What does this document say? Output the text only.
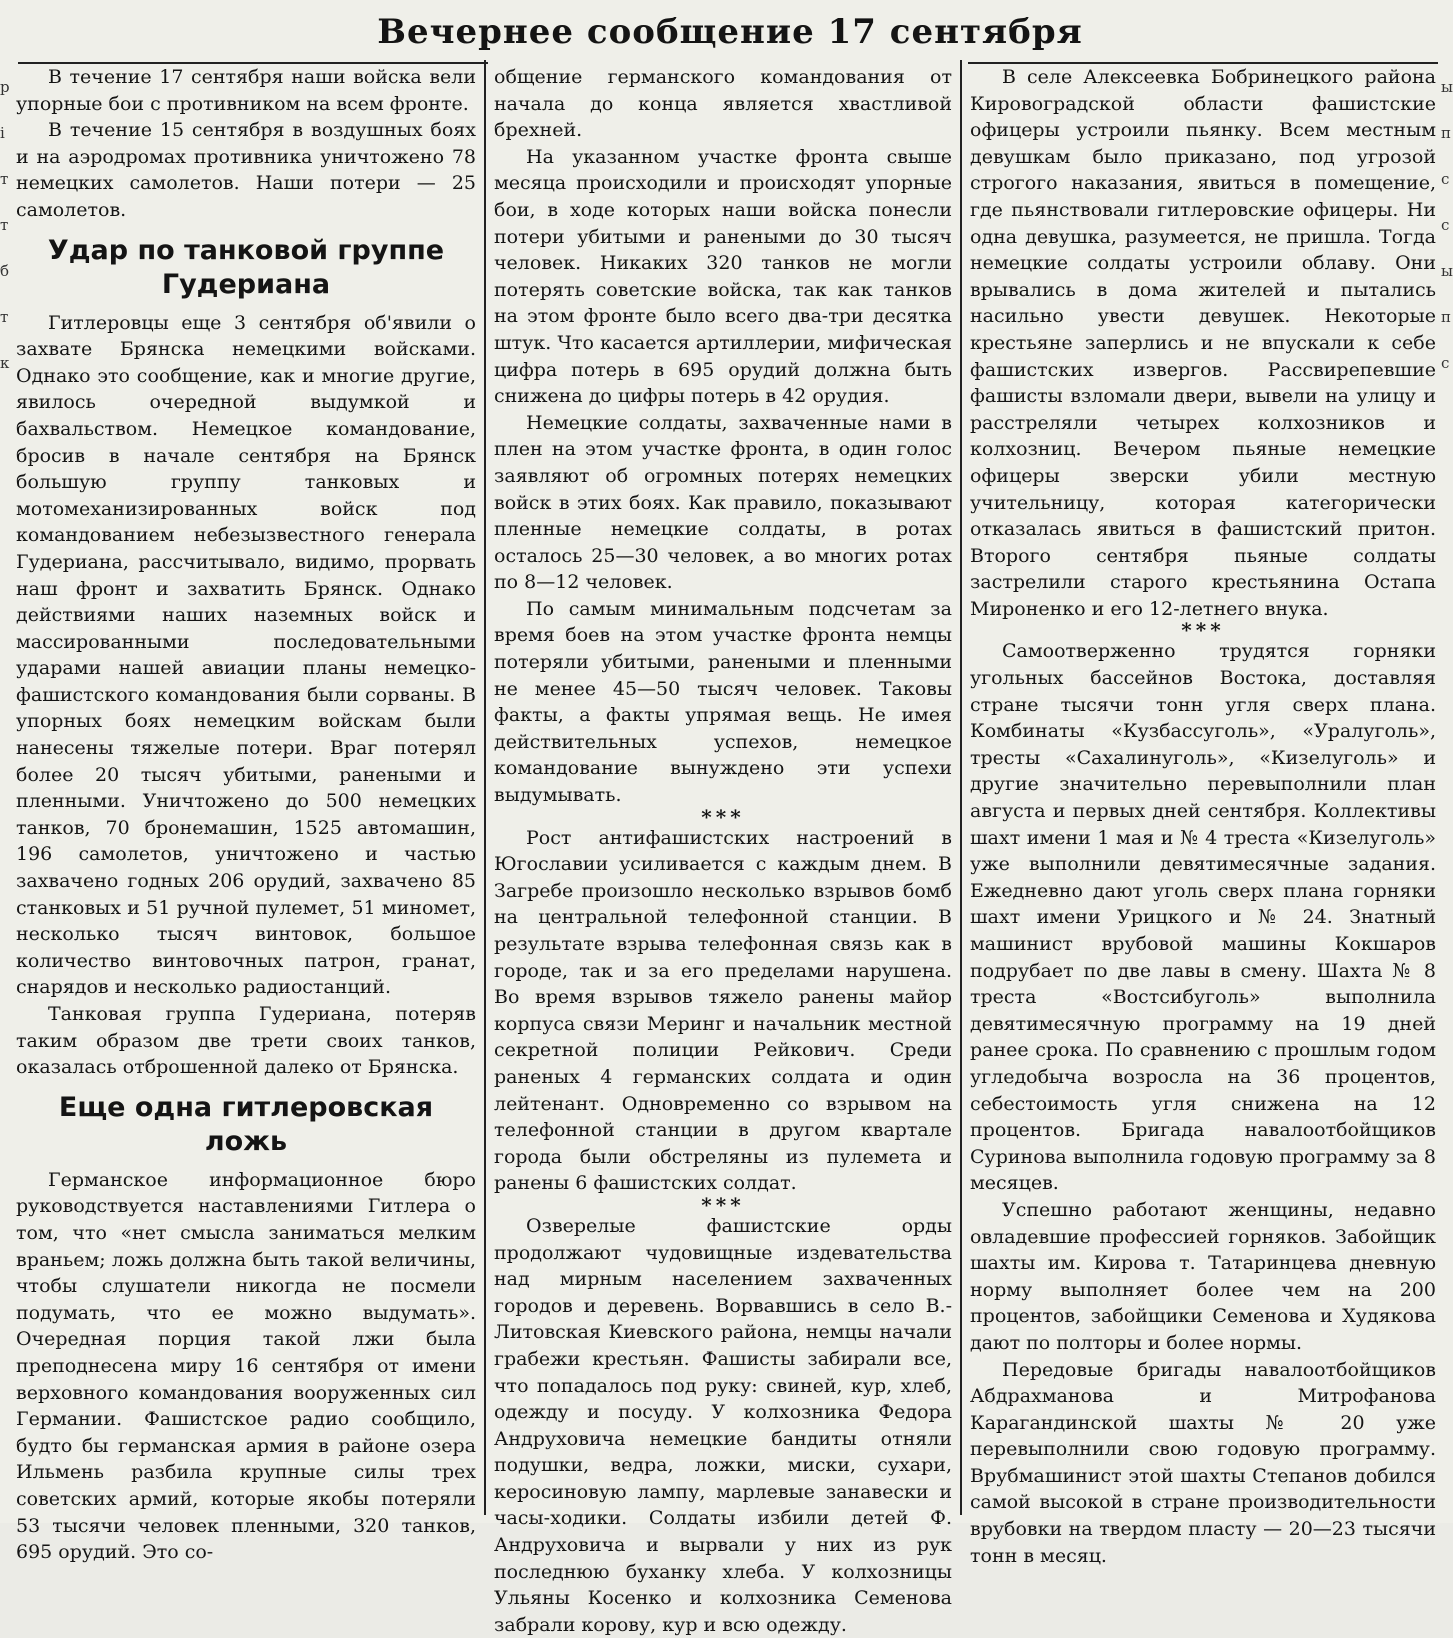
р
і
т
т
б
т
к
ы
п
с
с
ы
п
с
Вечернее сообщение 17 сентября

В течение 17 сентября наши войска вели упорные бои с противником на всем фронте.

В течение 15 сентября в воздушных боях и на аэродромах противника уничтожено 78 немецких самолетов. Наши потери — 25 самолетов.

Удар по танковой группе Гудериана

Гитлеровцы еще 3 сентября об'явили о захвате Брянска немецкими войсками. Однако это сообщение, как и многие другие, явилось очередной выдумкой и бахвальством. Немецкое командование, бросив в начале сентября на Брянск большую группу танковых и мотомеханизированных войск под командованием небезызвестного генерала Гудериана, рассчитывало, видимо, прорвать наш фронт и захватить Брянск. Однако действиями наших наземных войск и массированными последовательными ударами нашей авиации планы немецко-фашистского командования были сорваны. В упорных боях немецким войскам были нанесены тяжелые потери. Враг потерял более 20 тысяч убитыми, ранеными и пленными. Уничтожено до 500 немецких танков, 70 бронемашин, 1525 автомашин, 196 самолетов, уничтожено и частью захвачено годных 206 орудий, захвачено 85 станковых и 51 ручной пулемет, 51 миномет, несколько тысяч винтовок, большое количество винтовочных патрон, гранат, снарядов и несколько радиостанций.

Танковая группа Гудериана, потеряв таким образом две трети своих танков, оказалась отброшенной далеко от Брянска.

Еще одна гитлеровская ложь

Германское информационное бюро руководствуется наставлениями Гитлера о том, что «нет смысла заниматься мелким враньем; ложь должна быть такой величины, чтобы слушатели никогда не посмели подумать, что ее можно выдумать». Очередная порция такой лжи была преподнесена миру 16 сентября от имени верховного командования вооруженных сил Германии. Фашистское радио сообщило, будто бы германская армия в районе озера Ильмень разбила крупные силы трех советских армий, которые якобы потеряли 53 тысячи человек пленными, 320 танков, 695 орудий. Это со-

общение германского командования от начала до конца является хвастливой брехней.

На указанном участке фронта свыше месяца происходили и происходят упорные бои, в ходе которых наши войска понесли потери убитыми и ранеными до 30 тысяч человек. Никаких 320 танков не могли потерять советские войска, так как танков на этом фронте было всего два-три десятка штук. Что касается артиллерии, мифическая цифра потерь в 695 орудий должна быть снижена до цифры потерь в 42 орудия.

Немецкие солдаты, захваченные нами в плен на этом участке фронта, в один голос заявляют об огромных потерях немецких войск в этих боях. Как правило, показывают пленные немецкие солдаты, в ротах осталось 25—30 человек, а во многих ротах по 8—12 человек.

По самым минимальным подсчетам за время боев на этом участке фронта немцы потеряли убитыми, ранеными и пленными не менее 45—50 тысяч человек. Таковы факты, а факты упрямая вещь. Не имея действительных успехов, немецкое командование вынуждено эти успехи выдумывать.

***

Рост антифашистских настроений в Югославии усиливается с каждым днем. В Загребе произошло несколько взрывов бомб на центральной телефонной станции. В результате взрыва телефонная связь как в городе, так и за его пределами нарушена. Во время взрывов тяжело ранены майор корпуса связи Меринг и начальник местной секретной полиции Рейкович. Среди раненых 4 германских солдата и один лейтенант. Одновременно со взрывом на телефонной станции в другом квартале города были обстреляны из пулемета и ранены 6 фашистских солдат.

***

Озверелые фашистские орды продолжают чудовищные издевательства над мирным населением захваченных городов и деревень. Ворвавшись в село В.-Литовская Киевского района, немцы начали грабежи крестьян. Фашисты забирали все, что попадалось под руку: свиней, кур, хлеб, одежду и посуду. У колхозника Федора Андруховича немецкие бандиты отняли подушки, ведра, ложки, миски, сухари, керосиновую лампу, марлевые занавески и часы-ходики. Солдаты избили детей Ф. Андруховича и вырвали у них из рук последнюю буханку хлеба. У колхозницы Ульяны Косенко и колхозника Семенова забрали корову, кур и всю одежду.

В селе Алексеевка Бобринецкого района Кировоградской области фашистские офицеры устроили пьянку. Всем местным девушкам было приказано, под угрозой строгого наказания, явиться в помещение, где пьянствовали гитлеровские офицеры. Ни одна девушка, разумеется, не пришла. Тогда немецкие солдаты устроили облаву. Они врывались в дома жителей и пытались насильно увести девушек. Некоторые крестьяне заперлись и не впускали к себе фашистских извергов. Рассвирепевшие фашисты взломали двери, вывели на улицу и расстреляли четырех колхозников и колхозниц. Вечером пьяные немецкие офицеры зверски убили местную учительницу, которая категорически отказалась явиться в фашистский притон. Второго сентября пьяные солдаты застрелили старого крестьянина Остапа Мироненко и его 12-летнего внука.

***

Самоотверженно трудятся горняки угольных бассейнов Востока, доставляя стране тысячи тонн угля сверх плана. Комбинаты «Кузбассуголь», «Уралуголь», тресты «Сахалинуголь», «Кизелуголь» и другие значительно перевыполнили план августа и первых дней сентября. Коллективы шахт имени 1 мая и № 4 треста «Кизелуголь» уже выполнили девятимесячные задания. Ежедневно дают уголь сверх плана горняки шахт имени Урицкого и № 24. Знатный машинист врубовой машины Кокшаров подрубает по две лавы в смену. Шахта № 8 треста «Востсибуголь» выполнила девятимесячную программу на 19 дней ранее срока. По сравнению с прошлым годом угледобыча возросла на 36 процентов, себестоимость угля снижена на 12 процентов. Бригада навалоотбойщиков Суринова выполнила годовую программу за 8 месяцев.

Успешно работают женщины, недавно овладевшие профессией горняков. Забойщик шахты им. Кирова т. Татаринцева дневную норму выполняет более чем на 200 процентов, забойщики Семенова и Худякова дают по полторы и более нормы.

Передовые бригады навалоотбойщиков Абдрахманова и Митрофанова Карагандинской шахты № 20 уже перевыполнили свою годовую программу. Врубмашинист этой шахты Степанов добился самой высокой в стране производительности врубовки на твердом пласту — 20—23 тысячи тонн в месяц.
